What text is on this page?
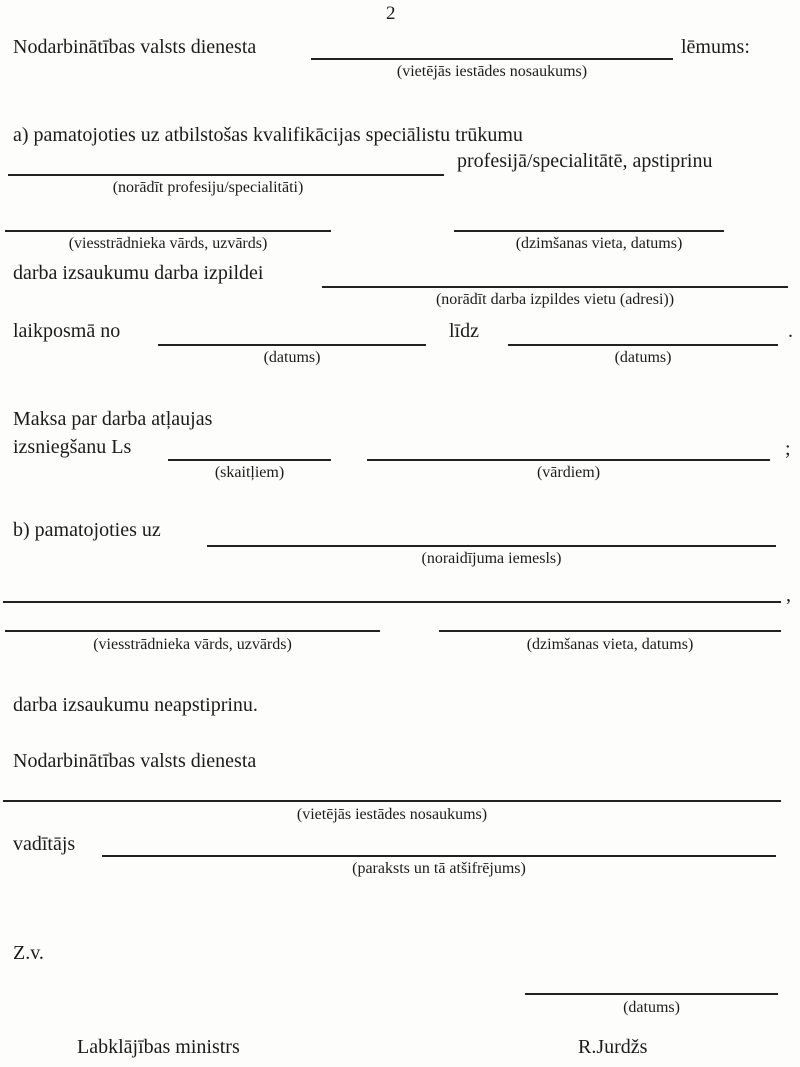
2
Nodarbinātības valsts dienesta	lēmums:
(vietējās iestādes nosaukums)
a) pamatojoties uz atbilstošas kvalifikācijas speciālistu trūkumu
profesijā/specialitātē, apstiprinu
(norādīt profesiju/specialitāti)
(viesstrādnieka vārds, uzvārds)	(dzimšanas vieta, datums)
darba izsaukumu darba izpildei
(norādīt darba izpildes vietu (adresi))
laikposmā no	līdz	.
(datums)	(datums)
Maksa par darba atļaujas
izsniegšanu Ls	;
(skaitļiem)	(vārdiem)
b) pamatojoties uz
(noraidījuma iemesls)
,
(viesstrādnieka vārds, uzvārds)	(dzimšanas vieta, datums)
darba izsaukumu neapstiprinu.
Nodarbinātības valsts dienesta
(vietējās iestādes nosaukums)
vadītājs
(paraksts un tā atšifrējums)
Z.v.
(datums)
Labklājības ministrs	R.Jurdžs
